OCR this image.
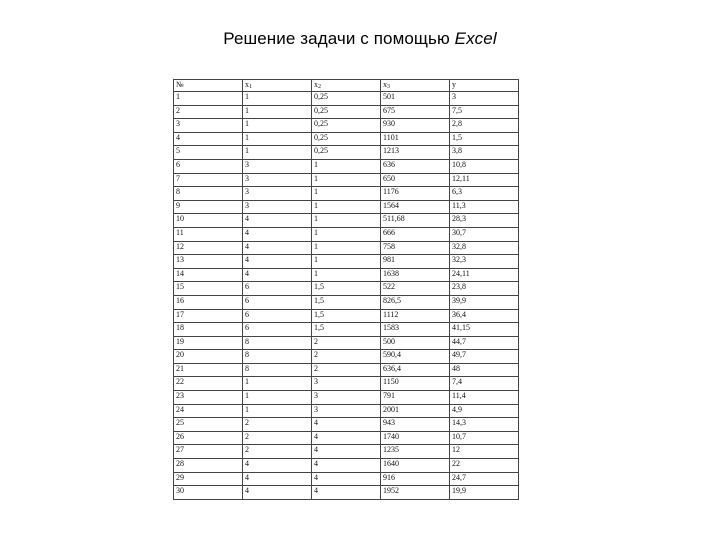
Решение задачи с помощью Excel
№	$x_1$	$x_2$	$x_3$	y
1	1	0,25	501	3
2	1	0,25	675	7,5
3	1	0,25	930	2,8
4	1	0,25	1101	1,5
5	1	0,25	1213	3,8
6	3	1	636	10,8
7	3	1	650	12,11
8	3	1	1176	6,3
9	3	1	1564	11,3
10	4	1	511,68	28,3
11	4	1	666	30,7
12	4	1	758	32,8
13	4	1	981	32,3
14	4	1	1638	24,11
15	6	1,5	522	23,8
16	6	1,5	826,5	39,9
17	6	1,5	1112	36,4
18	6	1,5	1583	41,15
19	8	2	500	44,7
20	8	2	590,4	49,7
21	8	2	636,4	48
22	1	3	1150	7,4
23	1	3	791	11,4
24	1	3	2001	4,9
25	2	4	943	14,3
26	2	4	1740	10,7
27	2	4	1235	12
28	4	4	1640	22
29	4	4	916	24,7
30	4	4	1952	19,9
